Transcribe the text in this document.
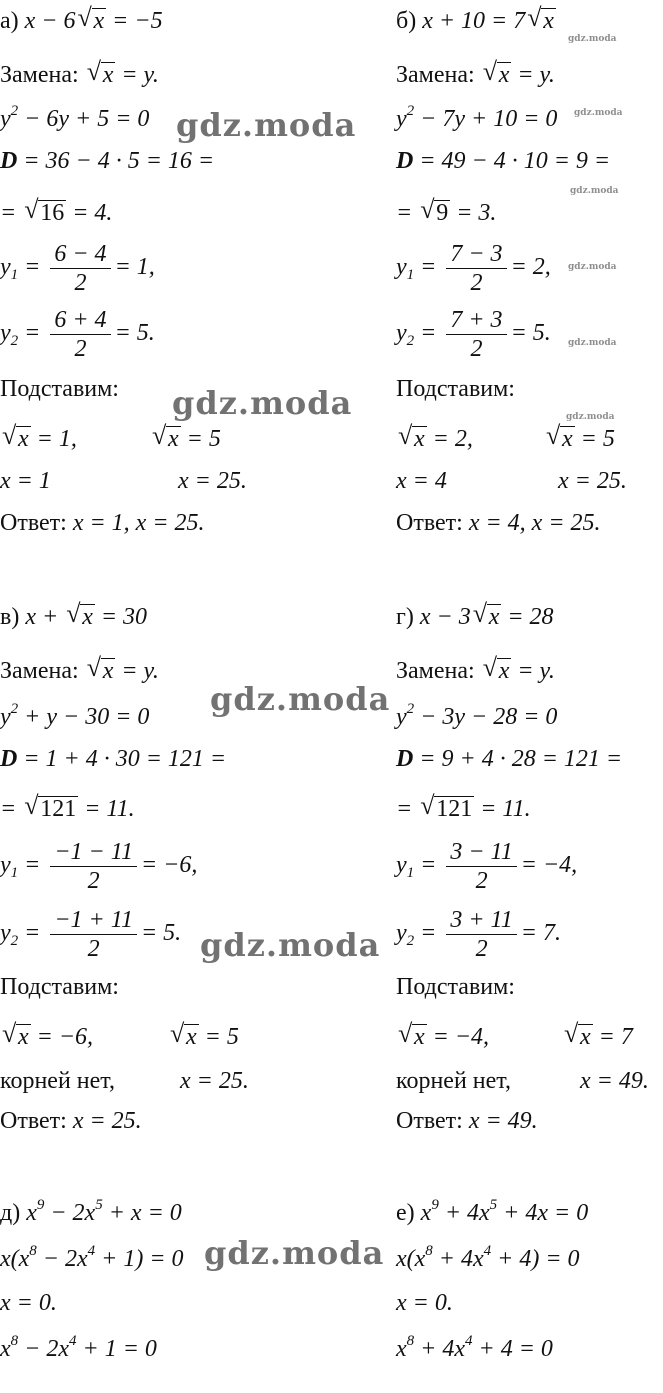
а) x − 6 √ x = −5
Замена: √ x = y.
$y^2 - 6y + 5 = 0$
D = 36 − 4 · 5 = 16 =
= √ 16 = 4.
$y_1 = \frac{6 - 4}{2} = 1$,
$y_2 = \frac{6 + 4}{2} = 5$.
Подставим:
√ x = 1,	√ x = 5
x = 1	x = 25.
Ответ: x = 1, x = 25.
б) x + 10 = 7 √ x
Замена: √ x = y.
$y^2 - 7y + 10 = 0$
D = 49 − 4 · 10 = 9 =
= √ 9 = 3.
$y_1 = \frac{7 - 3}{2} = 2$,
$y_2 = \frac{7 + 3}{2} = 5$.
Подставим:
√ x = 2,	√ x = 5
x = 4	x = 25.
Ответ: x = 4, x = 25.
в) x + √ x = 30
Замена: √ x = y.
$y^2 + y - 30 = 0$
D = 1 + 4 · 30 = 121 =
= √ 121 = 11.
$y_1 = \frac{-1 - 11}{2} = -6$,
$y_2 = \frac{-1 + 11}{2} = 5$.
Подставим:
√ x = −6,	√ x = 5
корней нет,	x = 25.
Ответ: x = 25.
г) x − 3 √ x = 28
Замена: √ x = y.
$y^2 - 3y - 28 = 0$
D = 9 + 4 · 28 = 121 =
= √ 121 = 11.
$y_1 = \frac{3 - 11}{2} = -4$,
$y_2 = \frac{3 + 11}{2} = 7$.
Подставим:
√ x = −4,	√ x = 7
корней нет,	x = 49.
Ответ: x = 49.
д) $x^9 - 2x^5 + x = 0$
$x(x^8 - 2x^4 + 1) = 0$
x = 0.
$x^8 - 2x^4 + 1 = 0$
е) $x^9 + 4x^5 + 4x = 0$
$x(x^8 + 4x^4 + 4) = 0$
x = 0.
$x^8 + 4x^4 + 4 = 0$
gdz.moda
gdz.moda
gdz.moda
gdz.moda
gdz.moda
gdz.moda
gdz.moda
gdz.moda
gdz.moda
gdz.moda
gdz.moda
